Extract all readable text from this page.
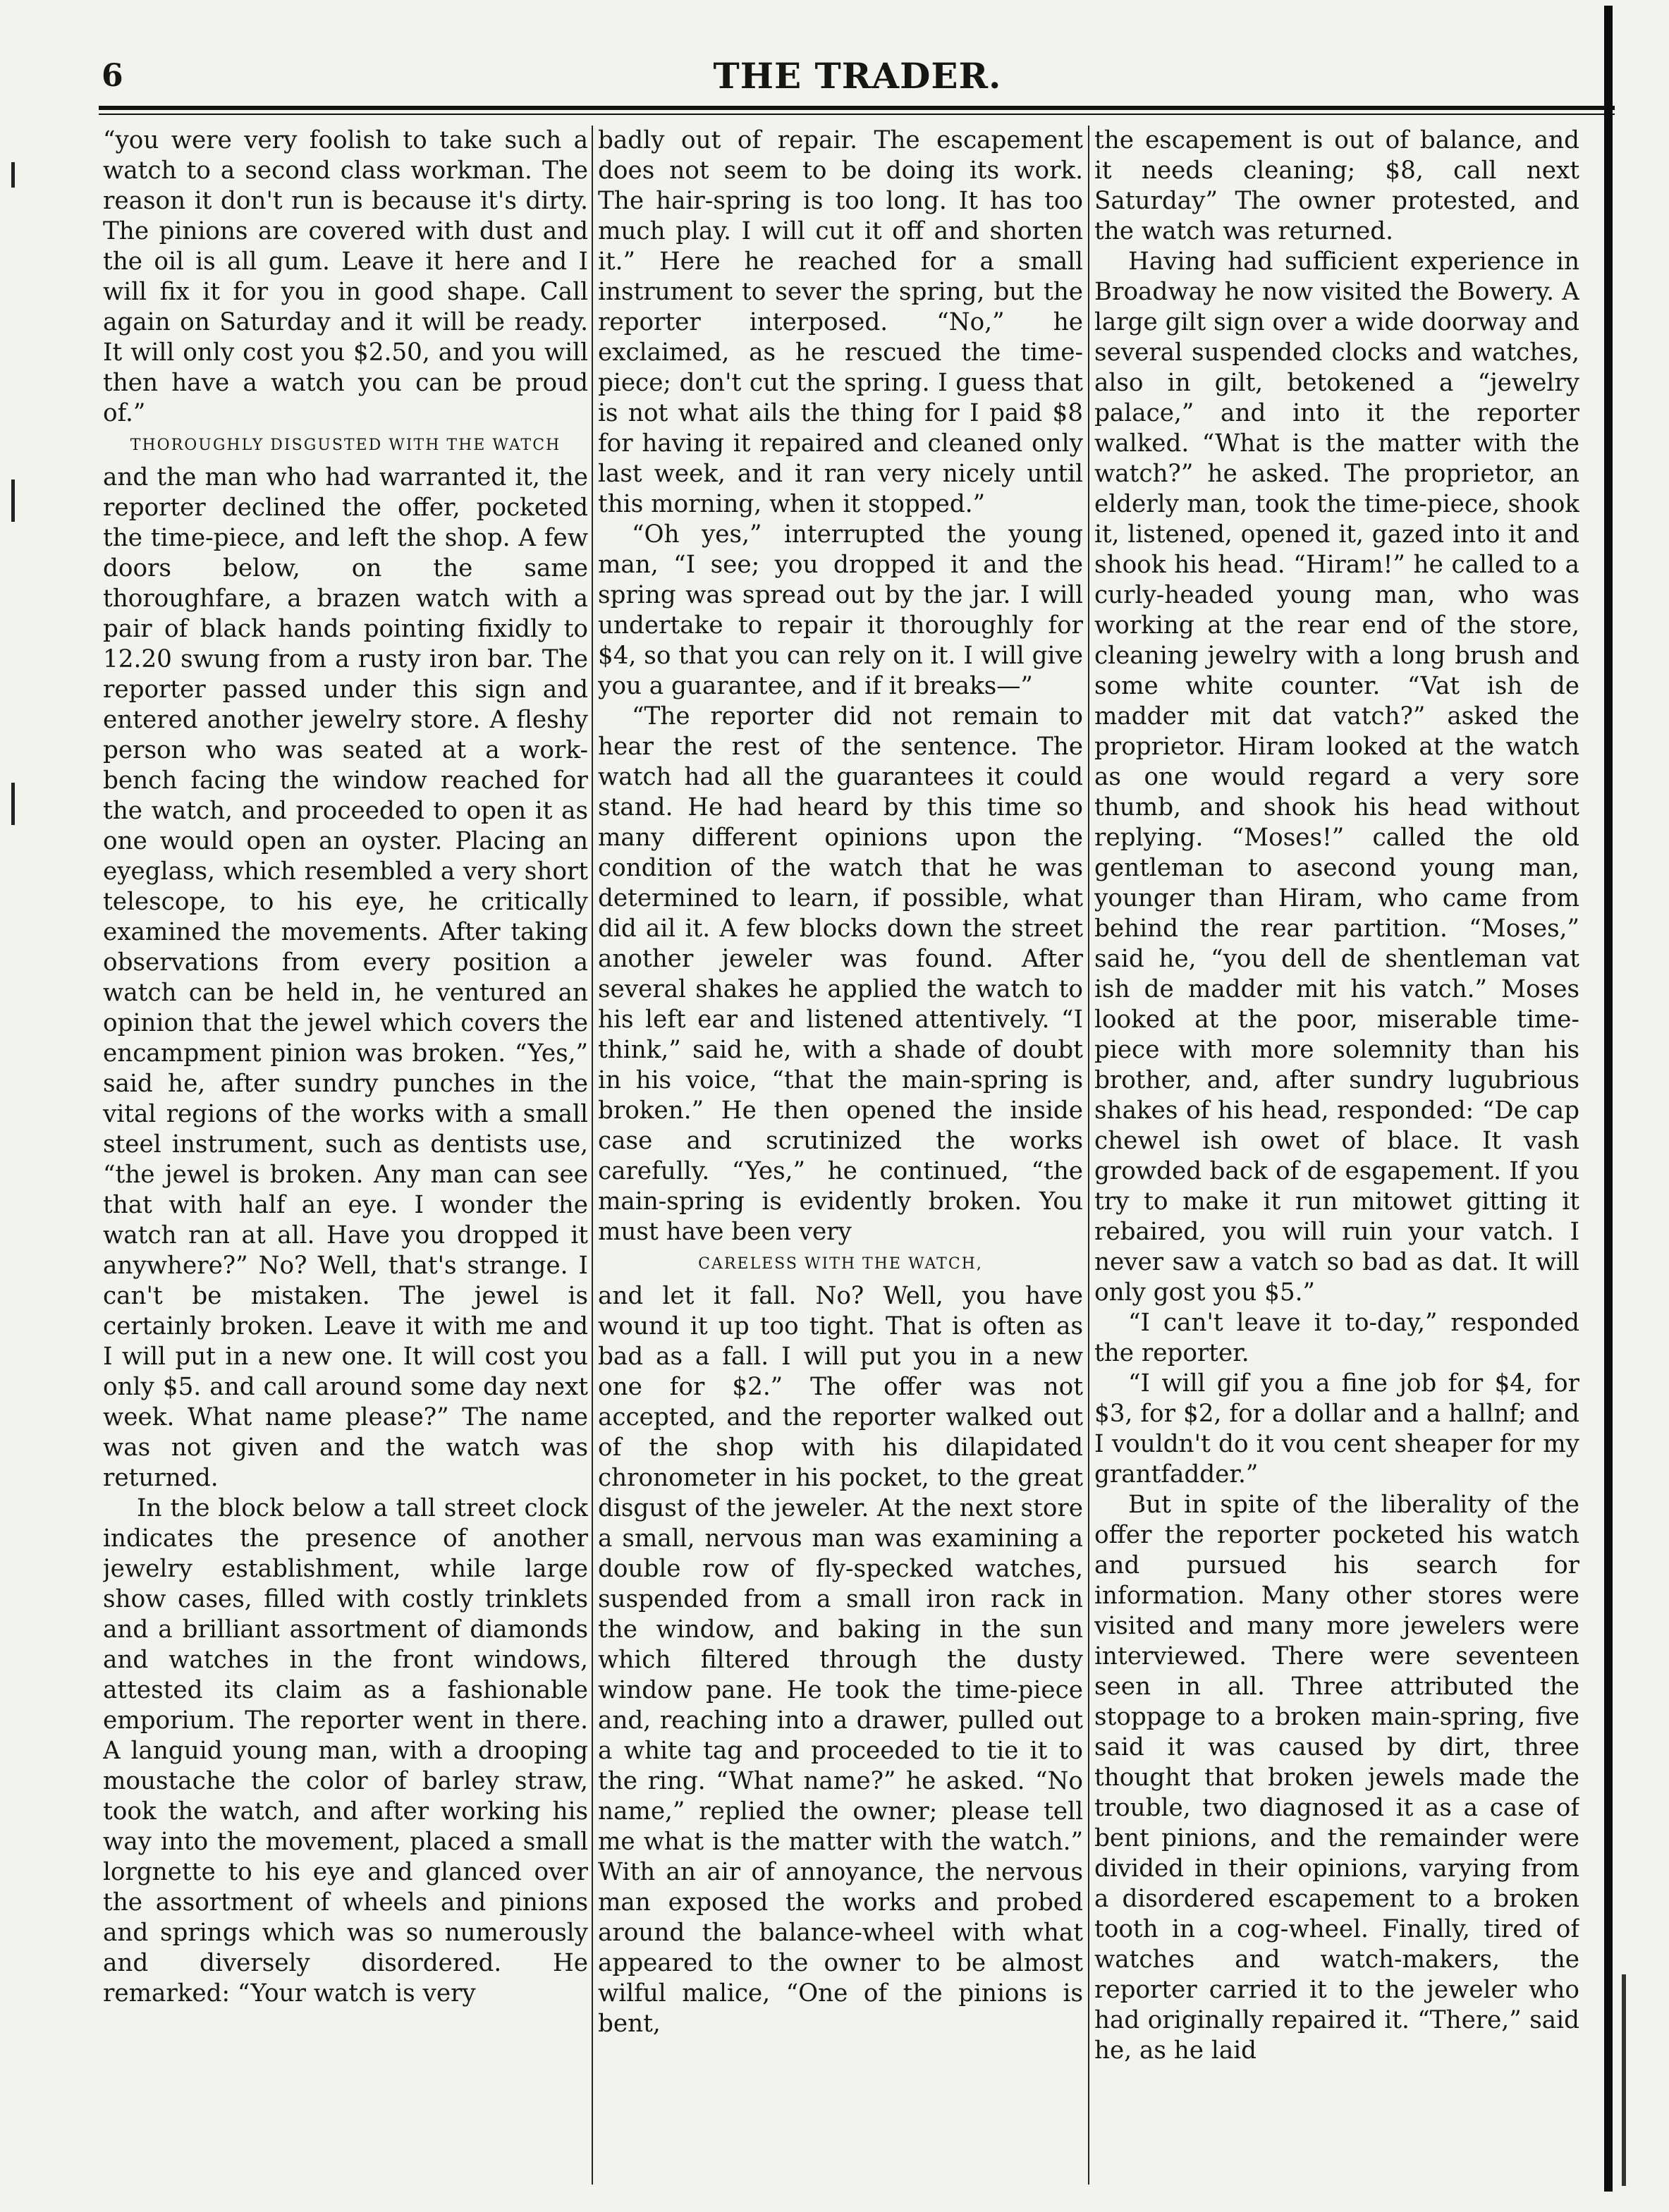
6	THE TRADER.

“you were very foolish to take such a watch to a second class workman. The reason it don't run is because it's dirty. The pinions are covered with dust and the oil is all gum. Leave it here and I will fix it for you in good shape. Call again on Saturday and it will be ready. It will only cost you $2.50, and you will then have a watch you can be proud of.”

THOROUGHLY DISGUSTED WITH THE WATCH

and the man who had warranted it, the reporter declined the offer, pocketed the time-piece, and left the shop. A few doors below, on the same thoroughfare, a brazen watch with a pair of black hands pointing fixidly to 12.20 swung from a rusty iron bar. The reporter passed under this sign and entered another jewelry store. A fleshy person who was seated at a work-bench facing the window reached for the watch, and proceeded to open it as one would open an oyster. Placing an eyeglass, which resembled a very short telescope, to his eye, he critically examined the movements. After taking observations from every position a watch can be held in, he ventured an opinion that the jewel which covers the encampment pinion was broken. “Yes,” said he, after sundry punches in the vital regions of the works with a small steel instrument, such as dentists use, “the jewel is broken. Any man can see that with half an eye. I wonder the watch ran at all. Have you dropped it anywhere?” No? Well, that's strange. I can't be mistaken. The jewel is certainly broken. Leave it with me and I will put in a new one. It will cost you only $5. and call around some day next week. What name please?” The name was not given and the watch was returned.

In the block below a tall street clock indicates the presence of another jewelry establishment, while large show cases, filled with costly trinklets and a brilliant assortment of diamonds and watches in the front windows, attested its claim as a fashionable emporium. The reporter went in there. A languid young man, with a drooping moustache the color of barley straw, took the watch, and after working his way into the movement, placed a small lorgnette to his eye and glanced over the assortment of wheels and pinions and springs which was so numerously and diversely disordered. He remarked: “Your watch is very

badly out of repair. The escapement does not seem to be doing its work. The hair-spring is too long. It has too much play. I will cut it off and shorten it.” Here he reached for a small instrument to sever the spring, but the reporter interposed. “No,” he exclaimed, as he rescued the time-piece; don't cut the spring. I guess that is not what ails the thing for I paid $8 for having it repaired and cleaned only last week, and it ran very nicely until this morning, when it stopped.”

“Oh yes,” interrupted the young man, “I see; you dropped it and the spring was spread out by the jar. I will undertake to repair it thoroughly for $4, so that you can rely on it. I will give you a guarantee, and if it breaks—”

“The reporter did not remain to hear the rest of the sentence. The watch had all the guarantees it could stand. He had heard by this time so many different opinions upon the condition of the watch that he was determined to learn, if possible, what did ail it. A few blocks down the street another jeweler was found. After several shakes he applied the watch to his left ear and listened attentively. “I think,” said he, with a shade of doubt in his voice, “that the main-spring is broken.” He then opened the inside case and scrutinized the works carefully. “Yes,” he continued, “the main-spring is evidently broken. You must have been very

CARELESS WITH THE WATCH,

and let it fall. No? Well, you have wound it up too tight. That is often as bad as a fall. I will put you in a new one for $2.” The offer was not accepted, and the reporter walked out of the shop with his dilapidated chronometer in his pocket, to the great disgust of the jeweler. At the next store a small, nervous man was examining a double row of fly-specked watches, suspended from a small iron rack in the window, and baking in the sun which filtered through the dusty window pane. He took the time-piece and, reaching into a drawer, pulled out a white tag and proceeded to tie it to the ring. “What name?” he asked. “No name,” replied the owner; please tell me what is the matter with the watch.” With an air of annoyance, the nervous man exposed the works and probed around the balance-wheel with what appeared to the owner to be almost wilful malice, “One of the pinions is bent,

the escapement is out of balance, and it needs cleaning; $8, call next Saturday” The owner protested, and the watch was returned.

Having had sufficient experience in Broadway he now visited the Bowery. A large gilt sign over a wide doorway and several suspended clocks and watches, also in gilt, betokened a “jewelry palace,” and into it the reporter walked. “What is the matter with the watch?” he asked. The proprietor, an elderly man, took the time-piece, shook it, listened, opened it, gazed into it and shook his head. “Hiram!” he called to a curly-headed young man, who was working at the rear end of the store, cleaning jewelry with a long brush and some white counter. “Vat ish de madder mit dat vatch?” asked the proprietor. Hiram looked at the watch as one would regard a very sore thumb, and shook his head without replying. “Moses!” called the old gentleman to asecond young man, younger than Hiram, who came from behind the rear partition. “Moses,” said he, “you dell de shentleman vat ish de madder mit his vatch.” Moses looked at the poor, miserable time-piece with more solemnity than his brother, and, after sundry lugubrious shakes of his head, responded: “De cap chewel ish owet of blace. It vash growded back of de esgapement. If you try to make it run mitowet gitting it rebaired, you will ruin your vatch. I never saw a vatch so bad as dat. It will only gost you $5.”

“I can't leave it to-day,” responded the reporter.

“I will gif you a fine job for $4, for $3, for $2, for a dollar and a hallnf; and I vouldn't do it vou cent sheaper for my grantfadder.”

But in spite of the liberality of the offer the reporter pocketed his watch and pursued his search for information. Many other stores were visited and many more jewelers were interviewed. There were seventeen seen in all. Three attributed the stoppage to a broken main-spring, five said it was caused by dirt, three thought that broken jewels made the trouble, two diagnosed it as a case of bent pinions, and the remainder were divided in their opinions, varying from a disordered escapement to a broken tooth in a cog-wheel. Finally, tired of watches and watch-makers, the reporter carried it to the jeweler who had originally repaired it. “There,” said he, as he laid
